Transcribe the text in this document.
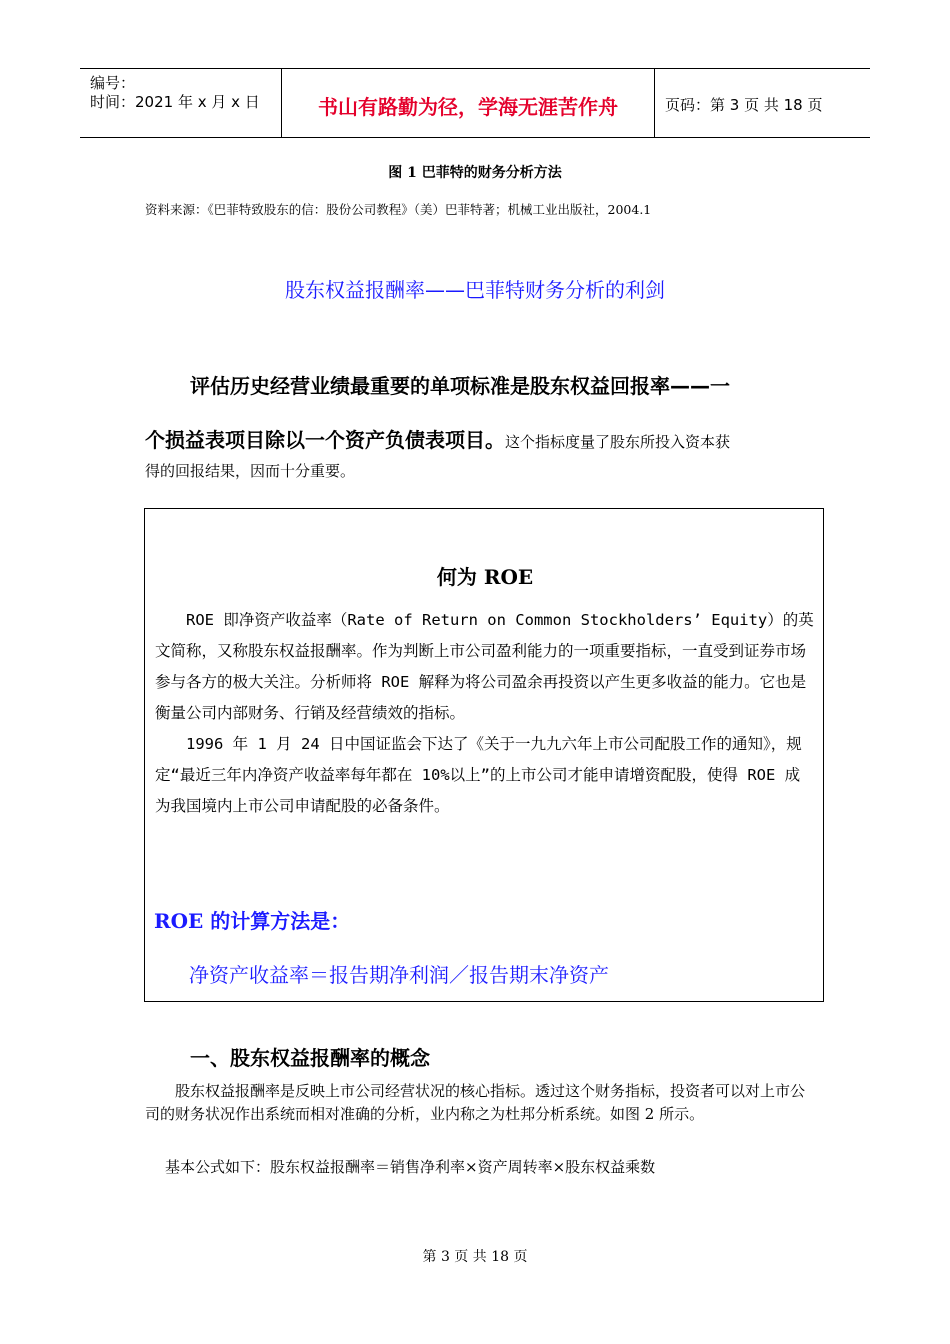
编号：
时间：2021 年 x 月 x 日	书山有路勤为径，学海无涯苦作舟	页码：第 3 页 共 18 页
图 1 巴菲特的财务分析方法
资料来源：《巴菲特致股东的信：股份公司教程》（美）巴菲特著；机械工业出版社，2004.1
股东权益报酬率——巴菲特财务分析的利剑
评估历史经营业绩最重要的单项标准是股东权益回报率——一
个损益表项目除以一个资产负债表项目。这个指标度量了股东所投入资本获
得的回报结果，因而十分重要。
何为 ROE

ROE 即净资产收益率（Rate of Return on Common Stockholders’ Equity）的英文简称，又称股东权益报酬率。作为判断上市公司盈利能力的一项重要指标，一直受到证券市场参与各方的极大关注。分析师将 ROE 解释为将公司盈余再投资以产生更多收益的能力。它也是衡量公司内部财务、行销及经营绩效的指标。

1996 年 1 月 24 日中国证监会下达了《关于一九九六年上市公司配股工作的通知》，规定“最近三年内净资产收益率每年都在 10%以上”的上市公司才能申请增资配股，使得 ROE 成为我国境内上市公司申请配股的必备条件。

ROE 的计算方法是：
净资产收益率＝报告期净利润／报告期末净资产
一、股东权益报酬率的概念
股东权益报酬率是反映上市公司经营状况的核心指标。透过这个财务指标，投资者可以对上市公司的财务状况作出系统而相对准确的分析，业内称之为杜邦分析系统。如图 2 所示。
基本公式如下：股东权益报酬率＝销售净利率×资产周转率×股东权益乘数
第 3 页 共 18 页
